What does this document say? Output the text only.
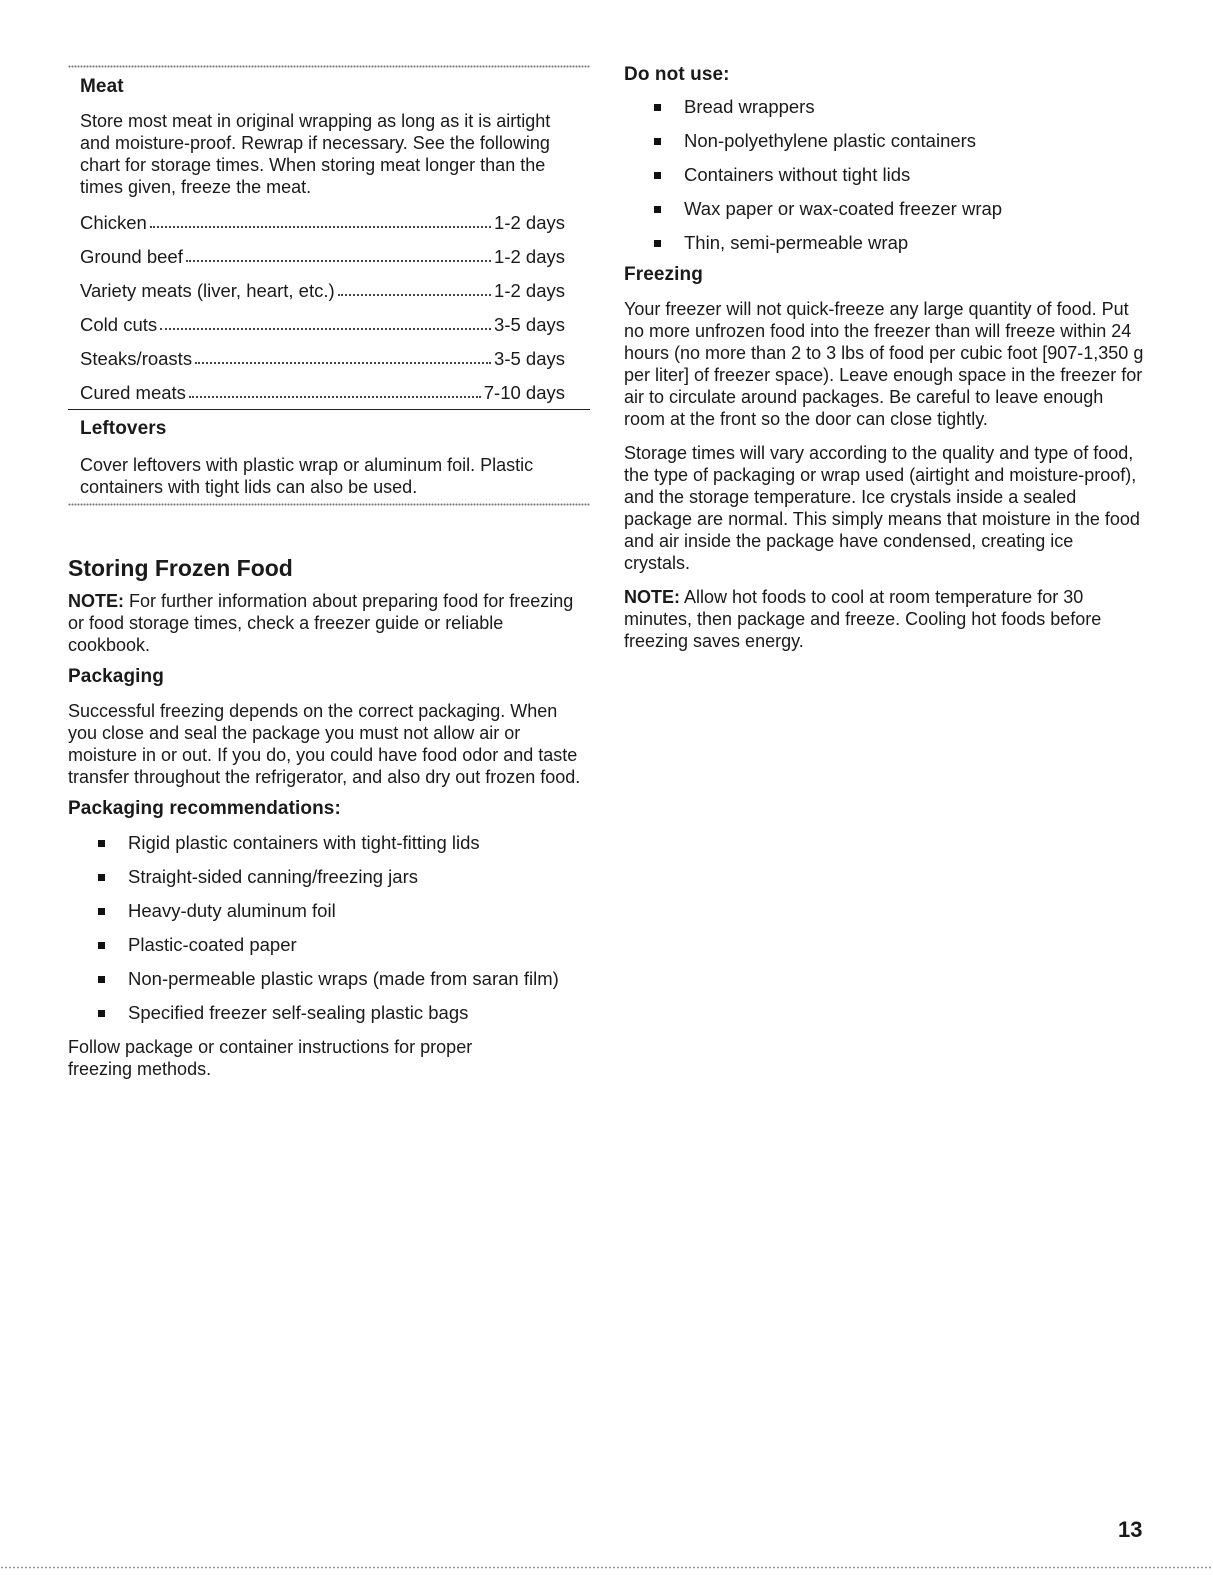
Meat

Store most meat in original wrapping as long as it is airtight and moisture-proof. Rewrap if necessary. See the following chart for storage times. When storing meat longer than the times given, freeze the meat.

Chicken	1-2 days
Ground beef	1-2 days
Variety meats (liver, heart, etc.)	1-2 days
Cold cuts	3-5 days
Steaks/roasts	3-5 days
Cured meats	7-10 days
Leftovers

Cover leftovers with plastic wrap or aluminum foil. Plastic containers with tight lids can also be used.

Storing Frozen Food

NOTE: For further information about preparing food for freezing or food storage times, check a freezer guide or reliable cookbook.

Packaging

Successful freezing depends on the correct packaging. When you close and seal the package you must not allow air or moisture in or out. If you do, you could have food odor and taste transfer throughout the refrigerator, and also dry out frozen food.

Packaging recommendations:
Rigid plastic containers with tight-fitting lids
Straight-sided canning/freezing jars
Heavy-duty aluminum foil
Plastic-coated paper
Non-permeable plastic wraps (made from saran film)
Specified freezer self-sealing plastic bags

Follow package or container instructions for proper freezing methods.

Do not use:
Bread wrappers
Non-polyethylene plastic containers
Containers without tight lids
Wax paper or wax-coated freezer wrap
Thin, semi-permeable wrap
Freezing

Your freezer will not quick-freeze any large quantity of food. Put no more unfrozen food into the freezer than will freeze within 24 hours (no more than 2 to 3 lbs of food per cubic foot [907-1,350 g per liter] of freezer space). Leave enough space in the freezer for air to circulate around packages. Be careful to leave enough room at the front so the door can close tightly.

Storage times will vary according to the quality and type of food, the type of packaging or wrap used (airtight and moisture-proof), and the storage temperature. Ice crystals inside a sealed package are normal. This simply means that moisture in the food and air inside the package have condensed, creating ice crystals.

NOTE: Allow hot foods to cool at room temperature for 30 minutes, then package and freeze. Cooling hot foods before freezing saves energy.

13
